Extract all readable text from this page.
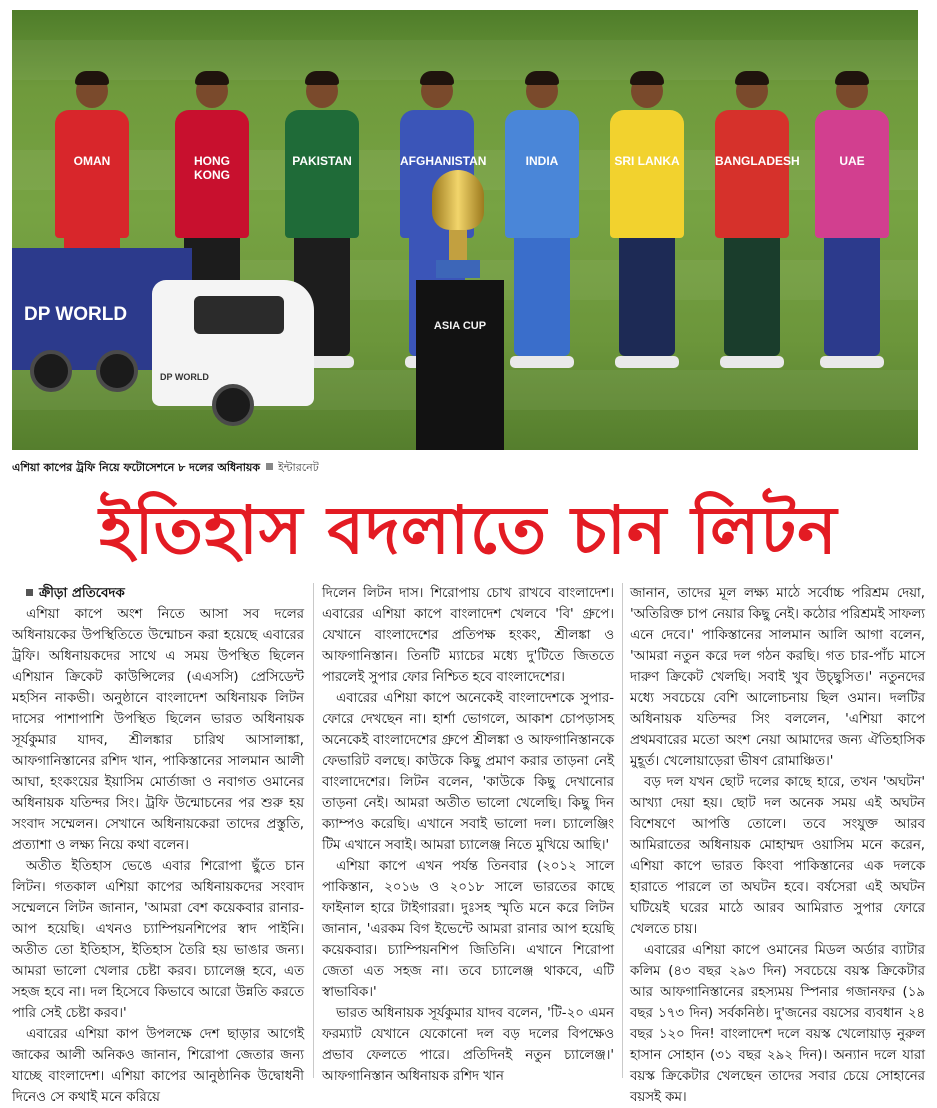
OMAN	HONG KONG
PAKISTAN	AFGHANISTAN	INDIA	SRI LANKA	BANGLADESH	UAE
DP WORLD
DP WORLD
ASIA CUP
এশিয়া কাপের ট্রফি নিয়ে ফটোসেশনে ৮ দলের অধিনায়ক ইন্টারনেট
ইতিহাস বদলাতে চান লিটন

ক্রীড়া প্রতিবেদক

এশিয়া কাপে অংশ নিতে আসা সব দলের অধিনায়কের উপস্থিতিতে উন্মোচন করা হয়েছে এবারের ট্রফি। অধিনায়কদের সাথে এ সময় উপস্থিত ছিলেন এশিয়ান ক্রিকেট কাউন্সিলের (এএসসি) প্রেসিডেন্ট মহসিন নাকভী। অনুষ্ঠানে বাংলাদেশ অধিনায়ক লিটন দাসের পাশাপাশি উপস্থিত ছিলেন ভারত অধিনায়ক সূর্যকুমার যাদব, শ্রীলঙ্কার চারিথ আসালাঙ্কা, আফগানিস্তানের রশিদ খান, পাকিস্তানের সালমান আলী আঘা, হংকংয়ের ইয়াসিম মোর্তাজা ও নবাগত ওমানের অধিনায়ক যতিন্দর সিং। ট্রফি উন্মোচনের পর শুরু হয় সংবাদ সম্মেলন। সেখানে অধিনায়কেরা তাদের প্রস্তুতি, প্রত্যাশা ও লক্ষ্য নিয়ে কথা বলেন।

অতীত ইতিহাস ভেঙে এবার শিরোপা ছুঁতে চান লিটন। গতকাল এশিয়া কাপের অধিনায়কদের সংবাদ সম্মেলনে লিটন জানান, 'আমরা বেশ কয়েকবার রানার-আপ হয়েছি। এখনও চ্যাম্পিয়নশিপের স্বাদ পাইনি। অতীত তো ইতিহাস, ইতিহাস তৈরি হয় ভাঙার জন্য। আমরা ভালো খেলার চেষ্টা করব। চ্যালেঞ্জ হবে, এত সহজ হবে না। দল হিসেবে কিভাবে আরো উন্নতি করতে পারি সেই চেষ্টা করব।'

এবারের এশিয়া কাপ উপলক্ষে দেশ ছাড়ার আগেই জাকের আলী অনিকও জানান, শিরোপা জেতার জন্য যাচ্ছে বাংলাদেশ। এশিয়া কাপের আনুষ্ঠানিক উদ্বোধনী দিনেও সে কথাই মনে করিয়ে

দিলেন লিটন দাস। শিরোপায় চোখ রাখবে বাংলাদেশ। এবারের এশিয়া কাপে বাংলাদেশ খেলবে 'বি' গ্রুপে। যেখানে বাংলাদেশের প্রতিপক্ষ হংকং, শ্রীলঙ্কা ও আফগানিস্তান। তিনটি ম্যাচের মধ্যে দু'টিতে জিততে পারলেই সুপার ফোর নিশ্চিত হবে বাংলাদেশের।

এবারের এশিয়া কাপে অনেকেই বাংলাদেশকে সুপার-ফোরে দেখছেন না। হার্শা ভোগলে, আকাশ চোপড়াসহ অনেকেই বাংলাদেশের গ্রুপে শ্রীলঙ্কা ও আফগানিস্তানকে ফেভারিট বলছে। কাউকে কিছু প্রমাণ করার তাড়না নেই বাংলাদেশের। লিটন বলেন, 'কাউকে কিছু দেখানোর তাড়না নেই। আমরা অতীত ভালো খেলেছি। কিছু দিন ক্যাম্পও করেছি। এখানে সবাই ভালো দল। চ্যালেঞ্জিং টিম এখানে সবাই। আমরা চ্যালেঞ্জ নিতে মুখিয়ে আছি।'

এশিয়া কাপে এখন পর্যন্ত তিনবার (২০১২ সালে পাকিস্তান, ২০১৬ ও ২০১৮ সালে ভারতের কাছে ফাইনাল হারে টাইগাররা। দুঃসহ স্মৃতি মনে করে লিটন জানান, 'এরকম বিগ ইভেন্টে আমরা রানার আপ হয়েছি কয়েকবার। চ্যাম্পিয়নশিপ জিতিনি। এখানে শিরোপা জেতা এত সহজ না। তবে চ্যালেঞ্জ থাকবে, এটি স্বাভাবিক।'

ভারত অধিনায়ক সূর্যকুমার যাদব বলেন, 'টি-২০ এমন ফরম্যাট যেখানে যেকোনো দল বড় দলের বিপক্ষেও প্রভাব ফেলতে পারে। প্রতিদিনই নতুন চ্যালেঞ্জ।' আফগানিস্তান অধিনায়ক রশিদ খান

জানান, তাদের মূল লক্ষ্য মাঠে সর্বোচ্চ পরিশ্রম দেয়া, 'অতিরিক্ত চাপ নেয়ার কিছু নেই। কঠোর পরিশ্রমই সাফল্য এনে দেবে।' পাকিস্তানের সালমান আলি আগা বলেন, 'আমরা নতুন করে দল গঠন করছি। গত চার-পাঁচ মাসে দারুণ ক্রিকেট খেলছি। সবাই খুব উচ্ছ্বসিত।' নতুনদের মধ্যে সবচেয়ে বেশি আলোচনায় ছিল ওমান। দলটির অধিনায়ক যতিন্দর সিং বললেন, 'এশিয়া কাপে প্রথমবারের মতো অংশ নেয়া আমাদের জন্য ঐতিহাসিক মুহূর্ত। খেলোয়াড়েরা ভীষণ রোমাঞ্চিত।'

বড় দল যখন ছোট দলের কাছে হারে, তখন 'অঘটন' আখ্যা দেয়া হয়। ছোট দল অনেক সময় এই অঘটন বিশেষণে আপত্তি তোলে। তবে সংযুক্ত আরব আমিরাতের অধিনায়ক মোহাম্মদ ওয়াসিম মনে করেন, এশিয়া কাপে ভারত কিংবা পাকিস্তানের এক দলকে হারাতে পারলে তা অঘটন হবে। বর্ষসেরা এই অঘটন ঘটিয়েই ঘরের মাঠে আরব আমিরাত সুপার ফোরে খেলতে চায়।

এবারের এশিয়া কাপে ওমানের মিডল অর্ডার ব্যাটার কলিম (৪৩ বছর ২৯৩ দিন) সবচেয়ে বয়স্ক ক্রিকেটার আর আফগানিস্তানের রহস্যময় স্পিনার গজানফর (১৯ বছর ১৭৩ দিন) সর্বকনিষ্ঠ। দু'জনের বয়সের ব্যবধান ২৪ বছর ১২০ দিন! বাংলাদেশ দলে বয়স্ক খেলোয়াড় নুরুল হাসান সোহান (৩১ বছর ২৯২ দিন)। অন্যান দলে যারা বয়স্ক ক্রিকেটার খেলছেন তাদের সবার চেয়ে সোহানের বয়সই কম।
